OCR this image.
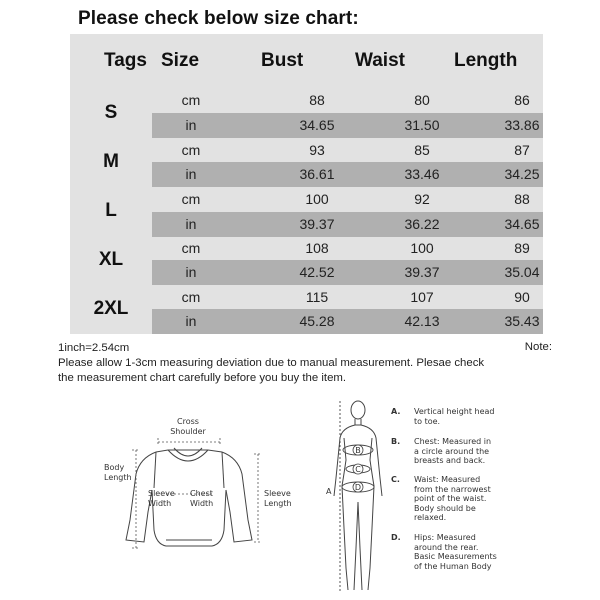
Please check below size chart:
Tags Size	Bust	Waist	Length
S
cm	88	80	86
in	34.65	31.50	33.86
M
cm	93	85	87
in	36.61	33.46	34.25
L
cm	100	92	88
in	39.37	36.22	34.65
XL
cm	108	100	89
in	42.52	39.37	35.04
2XL
cm	115	107	90
in	45.28	42.13	35.43
1inch=2.54cm	Note:
Please allow 1-3cm measuring deviation due to manual measurement. Plesae check
the measurement chart carefully before you buy the item.
Cross
Shoulder
Body
Length
Sleeve
Width
Chest
Width
Sleeve
Length
B
C
D
A
A.	Vertical height head
to toe.
B.	Chest: Measured in
a circle around the
breasts and back.
C.	Waist: Measured
from the narrowest
point of the waist.
Body should be
relaxed.
D.	Hips: Measured
around the rear.
Basic Measurements
of the Human Body
